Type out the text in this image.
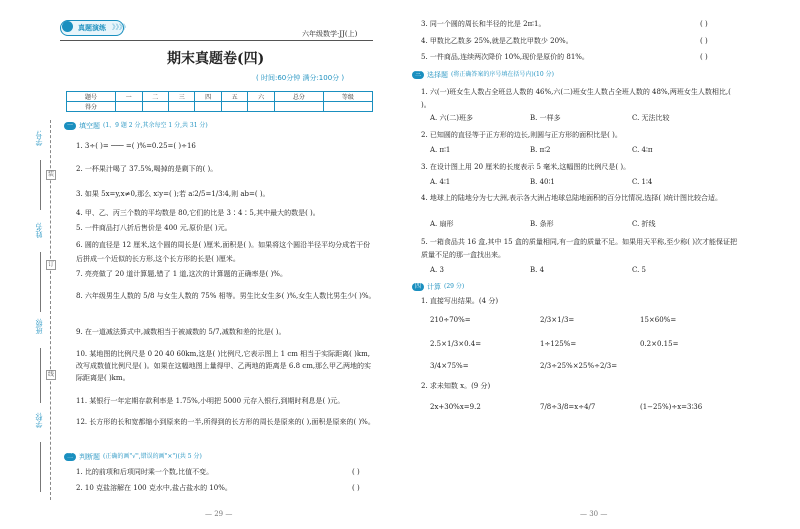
真题演练 》》》》
六年级数学·JJ(上)
期末真题卷(四)
( 时间:60分钟 满分:100分 )
题号	一	二	三	四	五	六	总分	等级
得分								
学号:
姓名:
班级:
学校:
装
订
线
一 填空题 (1、9 题 2 分,其余每空 1 分,共 31 分)
1. 3÷( )= ─── =( )%=0.25=( )÷16
2. 一杯果汁喝了 37.5%,喝掉的是剩下的( )。
3. 如果 5x=y,x≠0,那么 x∶y=( );若 a∶2/5=1/3∶4,则 ab=( )。
4. 甲、乙、丙三个数的平均数是 80,它们的比是 3∶4∶5,其中最大的数是( )。
5. 一件商品打八折后售价是 400 元,原价是( )元。
6. 圆的直径是 12 厘米,这个圆的周长是( )厘米,面积是( )。如果将这个圆沿半径平均分成若干份后拼成一个近似的长方形,这个长方形的长是( )厘米。
7. 亮亮做了 20 道计算题,错了 1 道,这次的计算题的正确率是( )%。
8. 六年级男生人数的 5/8 与女生人数的 75% 相等。男生比女生多( )%,女生人数比男生少( )%。
9. 在一道减法算式中,减数相当于被减数的 5/7,减数和差的比是( )。
10. 某地图的比例尺是 0 20 40 60km,这是( )比例尺,它表示图上 1 cm 相当于实际距离( )km,改写成数值比例尺是( )。如果在这幅地图上量得甲、乙两地的距离是 6.8 cm,那么甲乙两地的实际距离是( )km。
11. 某银行一年定期存款利率是 1.75%,小明把 5000 元存入银行,到期时利息是( )元。
12. 长方形的长和宽都缩小到原来的一半,所得到的长方形的周长是原来的( ),面积是原来的( )%。
二 判断题 (正确的画"√",错误的画"×")(共 5 分)
1. 比的前项和后项同时乘一个数,比值不变。	( )
2. 10 克盐溶解在 100 克水中,盐占盐水的 10%。	( )
— 29 —
3. 同一个圆的周长和半径的比是 2π∶1。	( )
4. 甲数比乙数多 25%,就是乙数比甲数少 20%。	( )
5. 一件商品,连续两次降价 10%,现价是原价的 81%。	( )
三 选择题 (将正确答案的序号填在括号内)(10 分)
1. 六(一)班女生人数占全班总人数的 46%,六(二)班女生人数占全班人数的 48%,两班女生人数相比,( )。
A. 六(二)班多	B. 一样多	C. 无法比较
2. 已知圆的直径等于正方形的边长,则圆与正方形的面积比是( )。
A. π∶1	B. π∶2	C. 4∶π
3. 在设计图上用 20 厘米的长度表示 5 毫米,这幅图的比例尺是( )。
A. 4∶1	B. 40∶1	C. 1∶4
4. 地球上的陆地分为七大洲,表示各大洲占地球总陆地面积的百分比情况,选择( )统计图比较合适。
A. 扇形	B. 条形	C. 折线
5. 一箱食品共 16 盒,其中 15 盒的质量相同,有一盒的质量不足。如果用天平称,至少称( )次才能保证把质量不足的那一盒找出来。
A. 3	B. 4	C. 5
四 计算 (29 分)
1. 直接写出结果。(4 分)
210÷70%=	2/3×1/3=	15×60%=
2.5×1/3×0.4=	1÷125%=	0.2×0.15=
3/4×75%=	2/3÷25%×25%÷2/3=
2. 求未知数 x。(9 分)
2x+30%x=9.2	7/8÷3/8=x÷4/7	(1−25%)÷x=3∶36
— 30 —
